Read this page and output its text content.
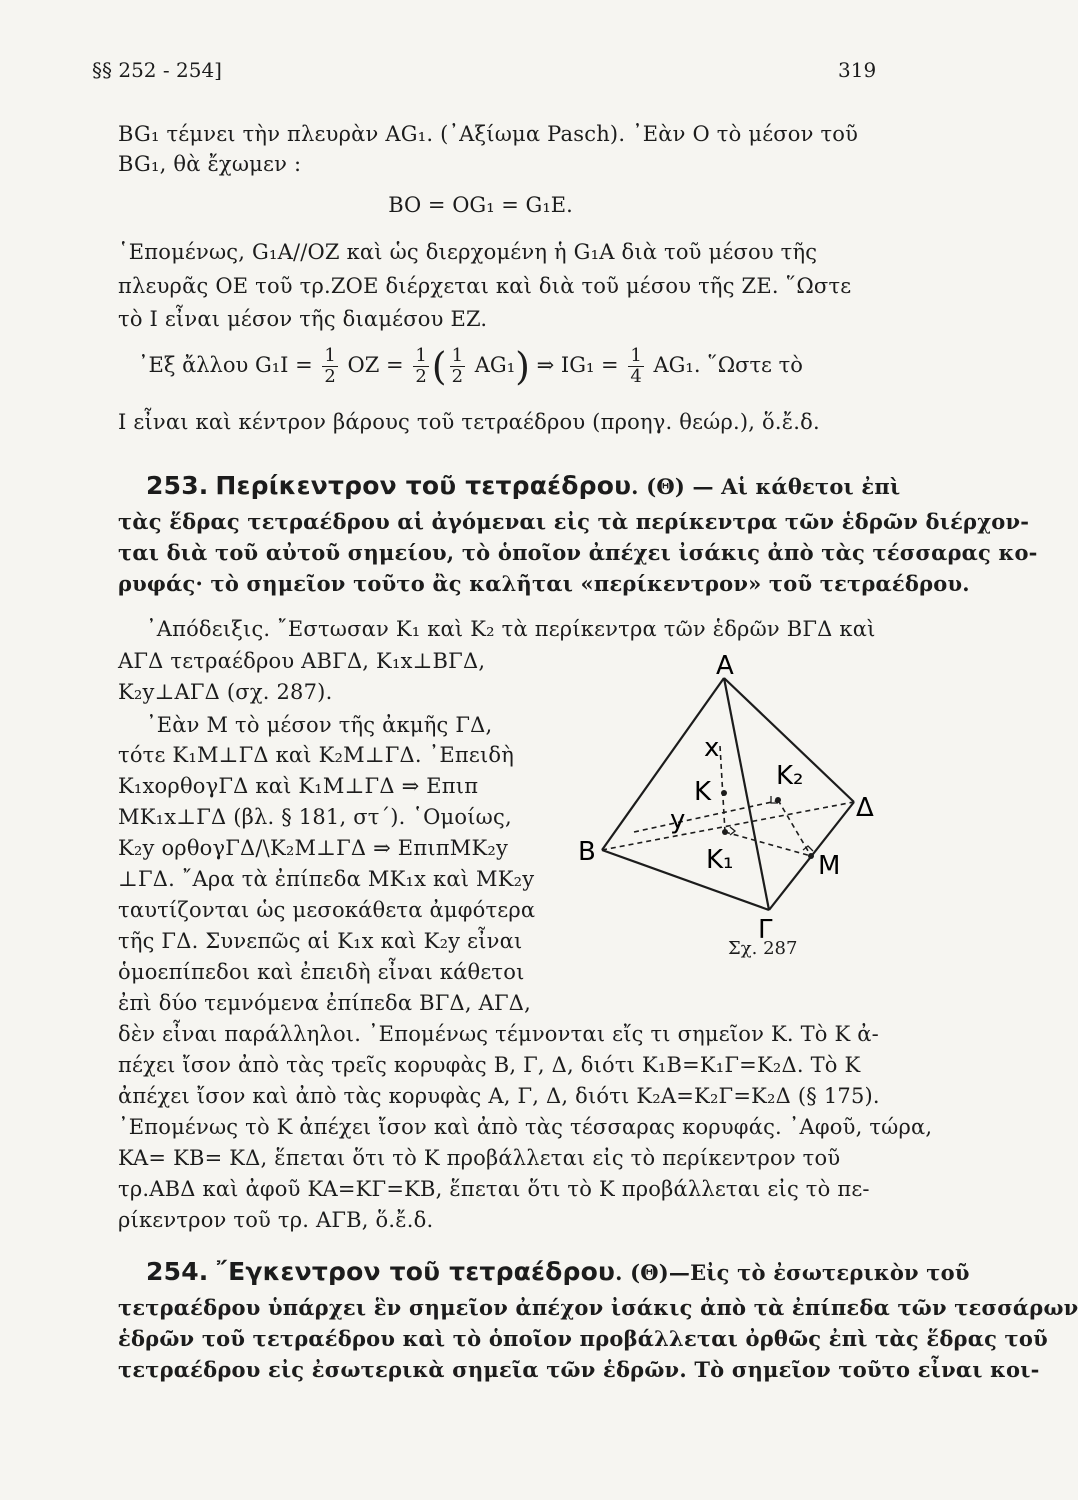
§§ 252 - 254]	319
BG₁ τέμνει τὴν πλευρὰν AG₁. (᾿Αξίωμα Pasch). ᾿Εὰν O τὸ μέσον τοῦ
BG₁, θὰ ἔχωμεν :
BO = OG₁ = G₁E.
῾Επομένως, G₁A//OZ καὶ ὡς διερχομένη ἡ G₁A διὰ τοῦ μέσου τῆς
πλευρᾶς OE τοῦ τρ.ZOE διέρχεται καὶ διὰ τοῦ μέσου τῆς ZE. ῞Ωστε
τὸ I εἶναι μέσον τῆς διαμέσου EZ.
᾿Εξ ἄλλου $G_1I = \frac{1}{2}$ OZ = $\frac{1}{2}$ ( $\frac{1}{2} AG_1$) ⇒ $IG_1 = \frac{1}{4} AG_1$. ῞Ωστε τὸ
I εἶναι καὶ κέντρον βάρους τοῦ τετραέδρου (προηγ. θεώρ.), ὅ.ἔ.δ.
253. Περίκεντρον τοῦ τετραέδρου. (Θ) — Αἱ κάθετοι ἐπὶ
τὰς ἕδρας τετραέδρου αἱ ἀγόμεναι εἰς τὰ περίκεντρα τῶν ἑδρῶν διέρχον-
ται διὰ τοῦ αὐτοῦ σημείου, τὸ ὁποῖον ἀπέχει ἰσάκις ἀπὸ τὰς τέσσαρας κο-
ρυφάς· τὸ σημεῖον τοῦτο ἂς καλῆται «περίκεντρον» τοῦ τετραέδρου.
᾿Απόδειξις. ῎Εστωσαν K₁ καὶ K₂ τὰ περίκεντρα τῶν ἑδρῶν ΒΓΔ καὶ
ΑΓΔ τετραέδρου ΑΒΓΔ, K₁x⊥ΒΓΔ,
K₂y⊥ΑΓΔ (σχ. 287).
᾿Εὰν M τὸ μέσον τῆς ἀκμῆς ΓΔ,
τότε K₁M⊥ΓΔ καὶ K₂M⊥ΓΔ. ᾿Επειδὴ
K₁xορθογΓΔ καὶ K₁M⊥ΓΔ ⇒ Επιπ
MK₁x⊥ΓΔ (βλ. § 181, στ΄). ῾Ομοίως,
K₂y ορθογΓΔ/\K₂M⊥ΓΔ ⇒ ΕπιπMK₂y
⊥ΓΔ. ῎Αρα τὰ ἐπίπεδα MK₁x καὶ MK₂y
ταυτίζονται ὡς μεσοκάθετα ἀμφότερα
τῆς ΓΔ. Συνεπῶς αἱ K₁x καὶ K₂y εἶναι
ὁμοεπίπεδοι καὶ ἐπειδὴ εἶναι κάθετοι
ἐπὶ δύο τεμνόμενα ἐπίπεδα ΒΓΔ, ΑΓΔ,
δὲν εἶναι παράλληλοι. ᾿Επομένως τέμνονται εἴς τι σημεῖον K. Τὸ K ἀ-
πέχει ἴσον ἀπὸ τὰς τρεῖς κορυφὰς Β, Γ, Δ, διότι K₁B=K₁Γ=K₂Δ. Τὸ K
ἀπέχει ἴσον καὶ ἀπὸ τὰς κορυφὰς Α, Γ, Δ, διότι K₂A=K₂Γ=K₂Δ (§ 175).
᾿Επομένως τὸ K ἀπέχει ἴσον καὶ ἀπὸ τὰς τέσσαρας κορυφάς. ᾿Αφοῦ, τώρα,
KA= KB= KΔ, ἕπεται ὅτι τὸ K προβάλλεται εἰς τὸ περίκεντρον τοῦ
τρ.ΑΒΔ καὶ ἀφοῦ KA=KΓ=KB, ἕπεται ὅτι τὸ K προβάλλεται εἰς τὸ πε-
ρίκεντρον τοῦ τρ. ΑΓΒ, ὅ.ἔ.δ.
A
B
Γ
Δ
K
K₁
K₂
M
x
y
Σχ. 287
254. ῎Εγκεντρον τοῦ τετραέδρου. (Θ)—Εἰς τὸ ἐσωτερικὸν τοῦ
τετραέδρου ὑπάρχει ἓν σημεῖον ἀπέχον ἰσάκις ἀπὸ τὰ ἐπίπεδα τῶν τεσσάρων
ἑδρῶν τοῦ τετραέδρου καὶ τὸ ὁποῖον προβάλλεται ὀρθῶς ἐπὶ τὰς ἕδρας τοῦ
τετραέδρου εἰς ἐσωτερικὰ σημεῖα τῶν ἑδρῶν. Τὸ σημεῖον τοῦτο εἶναι κοι-
